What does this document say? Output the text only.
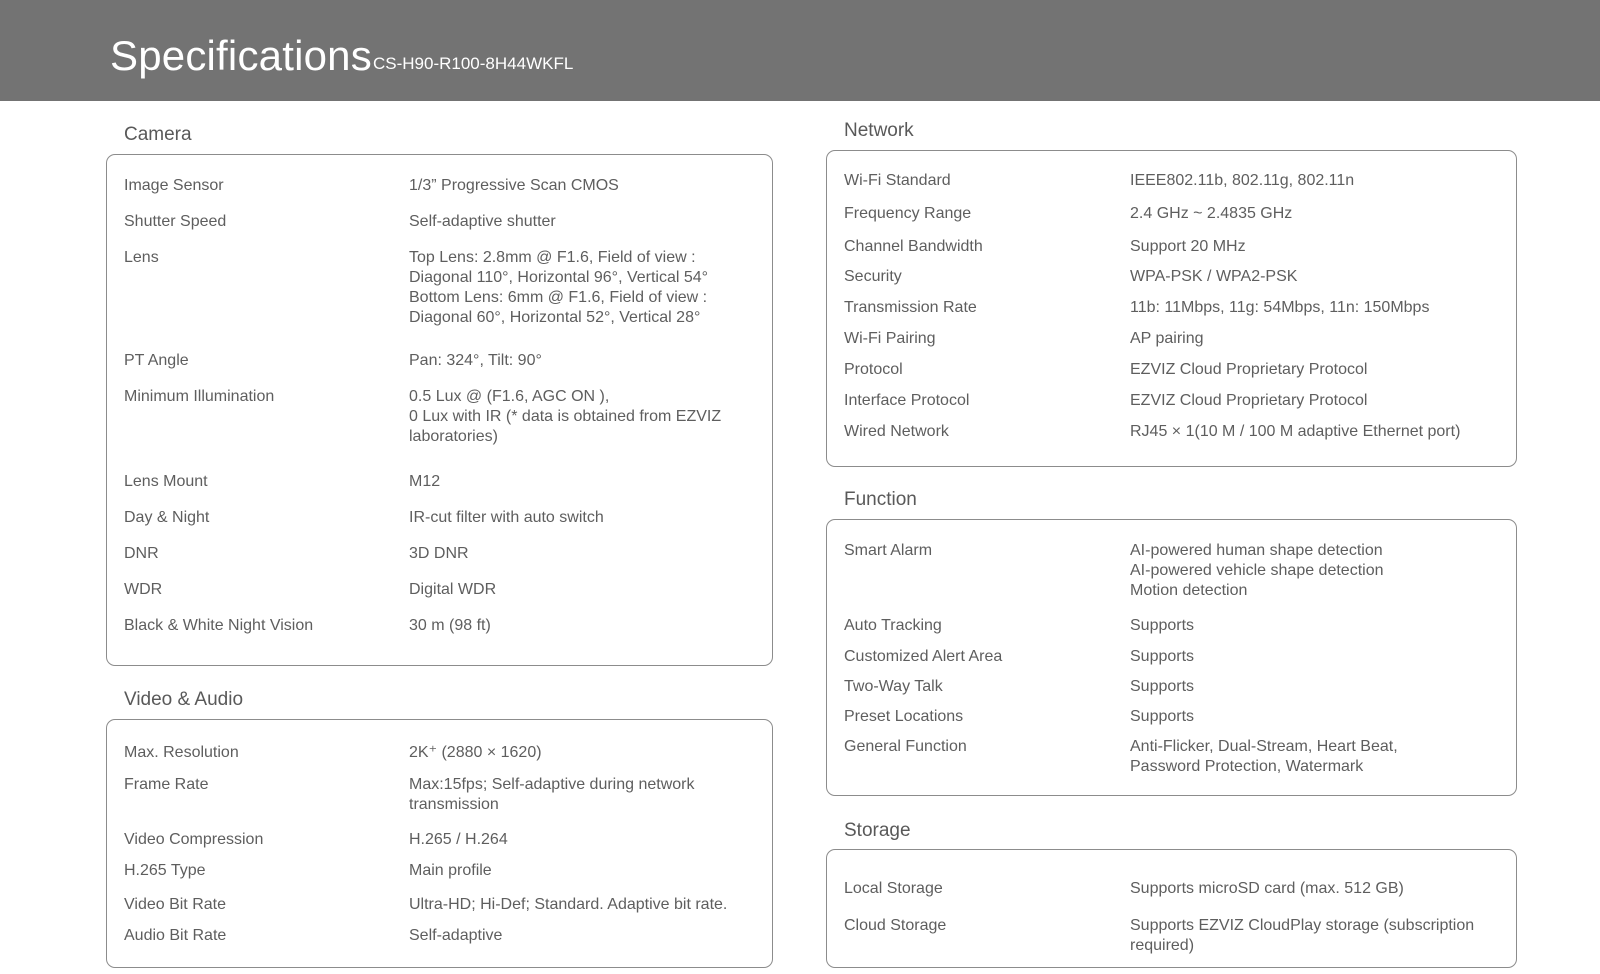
Specifications CS-H90-R100-8H44WKFL
Camera
Image Sensor	1/3” Progressive Scan CMOS
Shutter Speed	Self-adaptive shutter
Lens	Top Lens: 2.8mm @ F1.6, Field of view :
Diagonal 110°, Horizontal 96°, Vertical 54°
Bottom Lens: 6mm @ F1.6, Field of view :
Diagonal 60°, Horizontal 52°, Vertical 28°
PT Angle	Pan: 324°, Tilt: 90°
Minimum Illumination	0.5 Lux @ (F1.6, AGC ON ),
0 Lux with IR (* data is obtained from EZVIZ
laboratories)
Lens Mount	M12
Day & Night	IR-cut filter with auto switch
DNR	3D DNR
WDR	Digital WDR
Black & White Night Vision	30 m (98 ft)
Video & Audio
Max. Resolution	2K⁺ (2880 × 1620)
Frame Rate	Max:15fps; Self-adaptive during network
transmission
Video Compression	H.265 / H.264
H.265 Type	Main profile
Video Bit Rate	Ultra-HD; Hi-Def; Standard. Adaptive bit rate.
Audio Bit Rate	Self-adaptive
Network
Wi-Fi Standard	IEEE802.11b, 802.11g, 802.11n
Frequency Range	2.4 GHz ~ 2.4835 GHz
Channel Bandwidth	Support 20 MHz
Security	WPA-PSK / WPA2-PSK
Transmission Rate	11b: 11Mbps, 11g: 54Mbps, 11n: 150Mbps
Wi-Fi Pairing	AP pairing
Protocol	EZVIZ Cloud Proprietary Protocol
Interface Protocol	EZVIZ Cloud Proprietary Protocol
Wired Network	RJ45 × 1(10 M / 100 M adaptive Ethernet port)
Function
Smart Alarm	AI-powered human shape detection
AI-powered vehicle shape detection
Motion detection
Auto Tracking	Supports
Customized Alert Area	Supports
Two-Way Talk	Supports
Preset Locations	Supports
General Function	Anti-Flicker, Dual-Stream, Heart Beat,
Password Protection, Watermark
Storage
Local Storage	Supports microSD card (max. 512 GB)
Cloud Storage	Supports EZVIZ CloudPlay storage (subscription
required)
